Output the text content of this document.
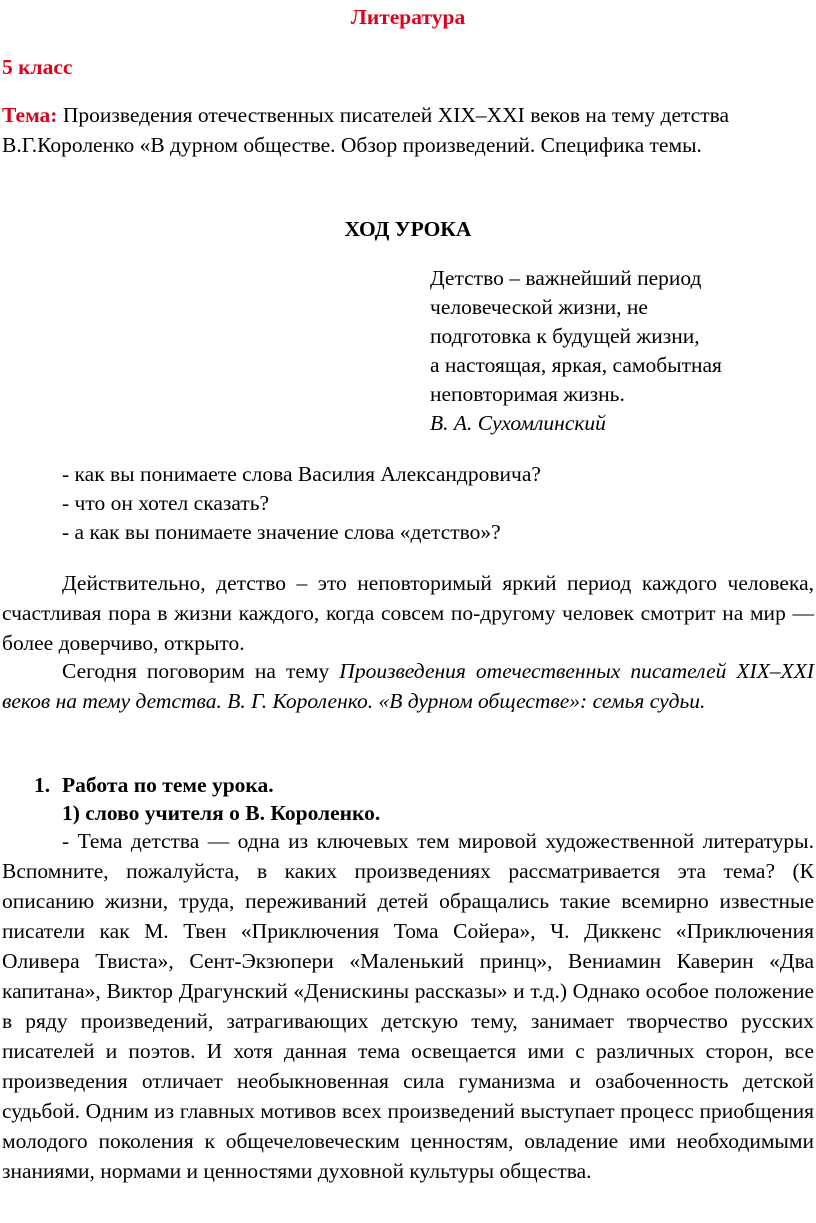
Литература
5 класс
Тема: Произведения отечественных писателей XIX–XXI веков на тему детства В.Г.Короленко «В дурном обществе. Обзор произведений. Специфика темы.
ХОД УРОКА
Детство – важнейший период
человеческой жизни, не
подготовка к будущей жизни,
а настоящая, яркая, самобытная
неповторимая жизнь.
В. А. Сухомлинский
- как вы понимаете слова Василия Александровича?
- что он хотел сказать?
- а как вы понимаете значение слова «детство»?
Действительно, детство – это неповторимый яркий период каждого человека, счастливая пора в жизни каждого, когда совсем по-другому человек смотрит на мир — более доверчиво, открыто.
Сегодня поговорим на тему Произведения отечественных писателей XIX–XXI веков на тему детства. В. Г. Короленко. «В дурном обществе»: семья судьи.
1. Работа по теме урока.
1) слово учителя о В. Короленко.
- Тема детства — одна из ключевых тем мировой художественной литературы. Вспомните, пожалуйста, в каких произведениях рассматривается эта тема? (К описанию жизни, труда, переживаний детей обращались такие всемирно известные писатели как М. Твен «Приключения Тома Сойера», Ч. Диккенс «Приключения Оливера Твиста», Сент-Экзюпери «Маленький принц», Вениамин Каверин «Два капитана», Виктор Драгунский «Денискины рассказы» и т.д.) Однако особое положение в ряду произведений, затрагивающих детскую тему, занимает творчество русских писателей и поэтов. И хотя данная тема освещается ими с различных сторон, все произведения отличает необыкновенная сила гуманизма и озабоченность детской судьбой. Одним из главных мотивов всех произведений выступает процесс приобщения молодого поколения к общечеловеческим ценностям, овладение ими необходимыми знаниями, нормами и ценностями духовной культуры общества.
